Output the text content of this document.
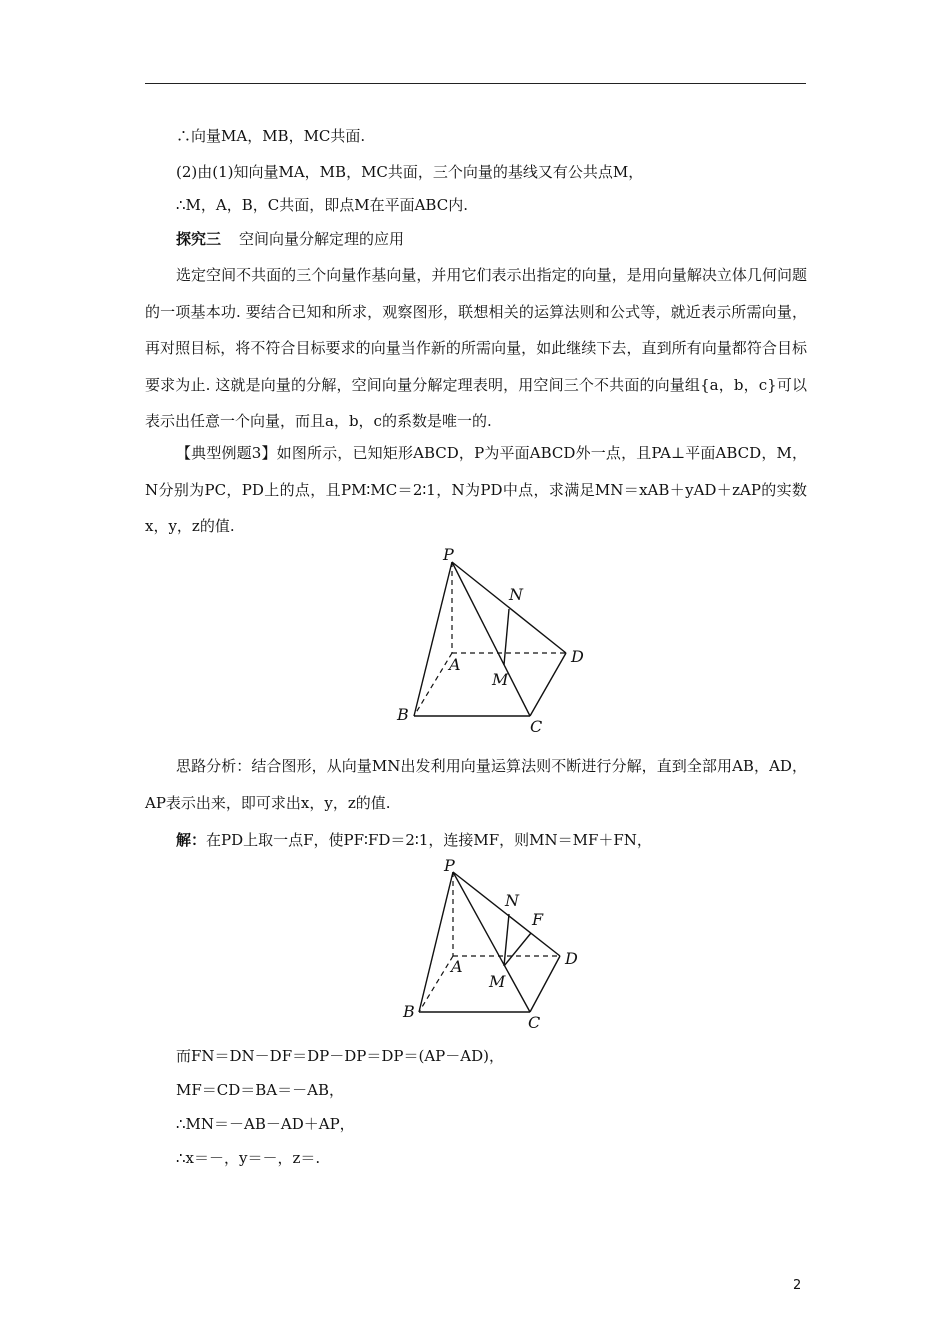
∴向量MA，MB，MC共面.
(2)由(1)知向量MA，MB，MC共面，三个向量的基线又有公共点M，
∴M，A，B，C共面，即点M在平面ABC内.
探究三 空间向量分解定理的应用
选定空间不共面的三个向量作基向量，并用它们表示出指定的向量，是用向量解决立体几何问题的一项基本功. 要结合已知和所求，观察图形，联想相关的运算法则和公式等，就近表示所需向量，再对照目标，将不符合目标要求的向量当作新的所需向量，如此继续下去，直到所有向量都符合目标要求为止. 这就是向量的分解，空间向量分解定理表明，用空间三个不共面的向量组{a，b，c}可以表示出任意一个向量，而且a，b，c的系数是唯一的.
【典型例题3】如图所示，已知矩形ABCD，P为平面ABCD外一点，且PA⊥平面ABCD，M，N分别为PC，PD上的点，且PM∶MC＝2∶1，N为PD中点，求满足MN＝xAB＋yAD＋zAP的实数x，y，z的值.
P
N
A
M
D
B
C
思路分析：结合图形，从向量MN出发利用向量运算法则不断进行分解，直到全部用AB，AD，AP表示出来，即可求出x，y，z的值.
解：在PD上取一点F，使PF∶FD＝2∶1，连接MF，则MN＝MF＋FN，
P
N
F
A
M
D
B
C
而FN＝DN－DF＝DP－DP＝DP＝(AP－AD)，
MF＝CD＝BA＝－AB，
∴MN＝－AB－AD＋AP，
∴x＝－，y＝－，z＝.
2
